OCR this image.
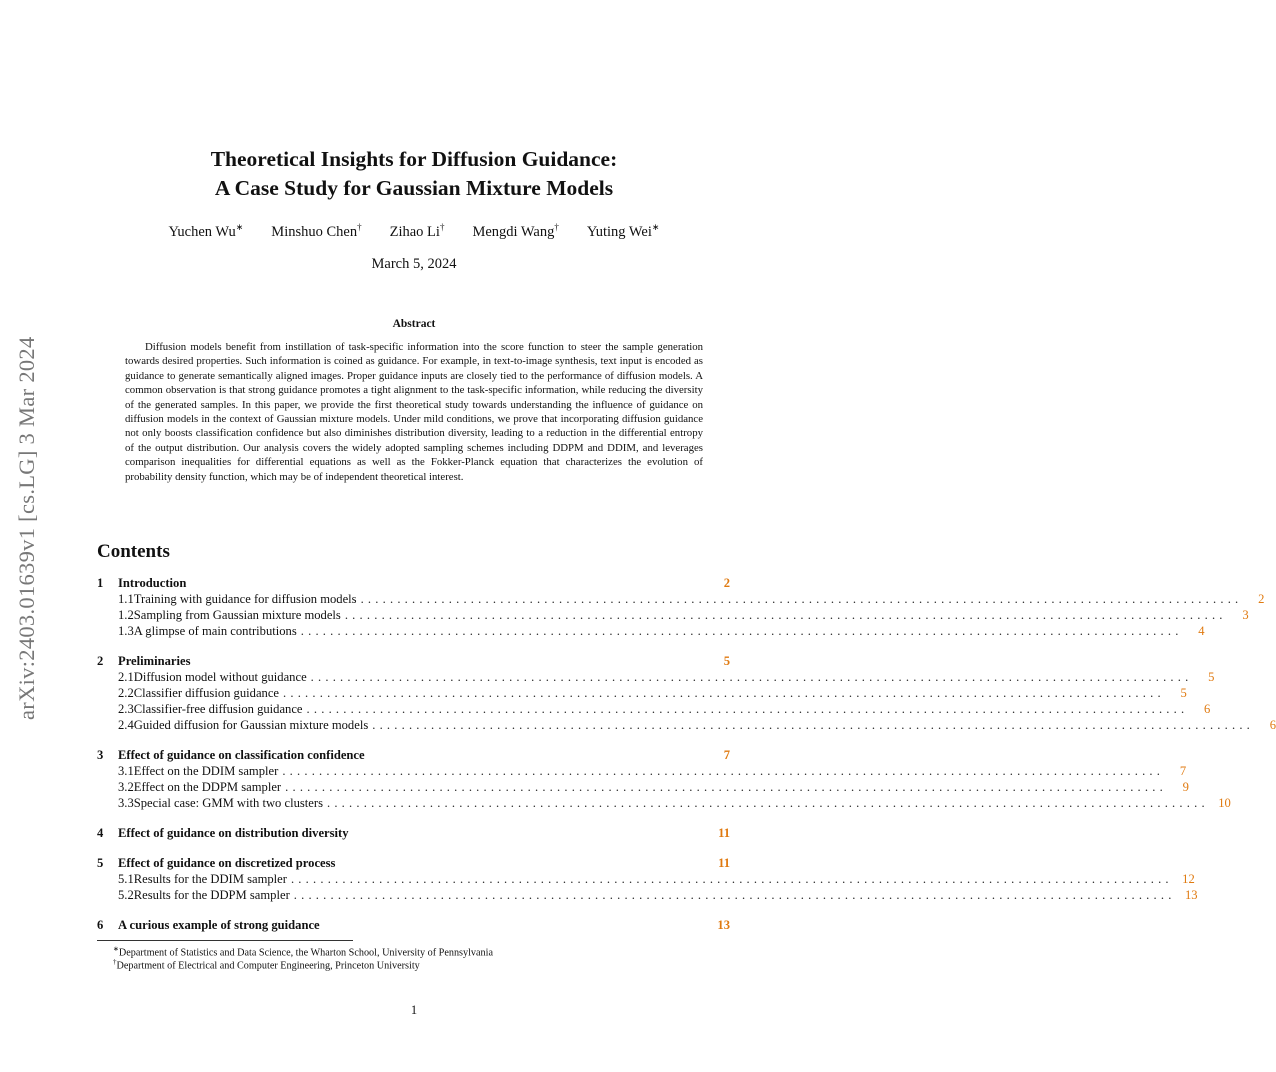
arXiv:2403.01639v1 [cs.LG] 3 Mar 2024
Theoretical Insights for Diffusion Guidance:
A Case Study for Gaussian Mixture Models
Yuchen Wu∗ Minshuo Chen† Zihao Li† Mengdi Wang† Yuting Wei∗
March 5, 2024
Abstract
Diffusion models benefit from instillation of task-specific information into the score function to steer the sample generation towards desired properties. Such information is coined as guidance. For example, in text-to-image synthesis, text input is encoded as guidance to generate semantically aligned images. Proper guidance inputs are closely tied to the performance of diffusion models. A common observation is that strong guidance promotes a tight alignment to the task-specific information, while reducing the diversity of the generated samples. In this paper, we provide the first theoretical study towards understanding the influence of guidance on diffusion models in the context of Gaussian mixture models. Under mild conditions, we prove that incorporating diffusion guidance not only boosts classification confidence but also diminishes distribution diversity, leading to a reduction in the differential entropy of the output distribution. Our analysis covers the widely adopted sampling schemes including DDPM and DDIM, and leverages comparison inequalities for differential equations as well as the Fokker-Planck equation that characterizes the evolution of probability density function, which may be of independent theoretical interest.
Contents
1	Introduction	2
1.1 Training with guidance for diffusion models ........................................................................................................................	2
1.2 Sampling from Gaussian mixture models ........................................................................................................................	3
1.3 A glimpse of main contributions ........................................................................................................................	4
2	Preliminaries	5
2.1 Diffusion model without guidance ........................................................................................................................	5
2.2 Classifier diffusion guidance ........................................................................................................................	5
2.3 Classifier-free diffusion guidance ........................................................................................................................	6
2.4 Guided diffusion for Gaussian mixture models ........................................................................................................................	6
3	Effect of guidance on classification confidence	7
3.1 Effect on the DDIM sampler ........................................................................................................................	7
3.2 Effect on the DDPM sampler ........................................................................................................................	9
3.3 Special case: GMM with two clusters ........................................................................................................................ 10
4	Effect of guidance on distribution diversity	11
5	Effect of guidance on discretized process	11
5.1 Results for the DDIM sampler ........................................................................................................................ 12
5.2 Results for the DDPM sampler ........................................................................................................................ 13
6	A curious example of strong guidance	13
∗Department of Statistics and Data Science, the Wharton School, University of Pennsylvania
†Department of Electrical and Computer Engineering, Princeton University
1
